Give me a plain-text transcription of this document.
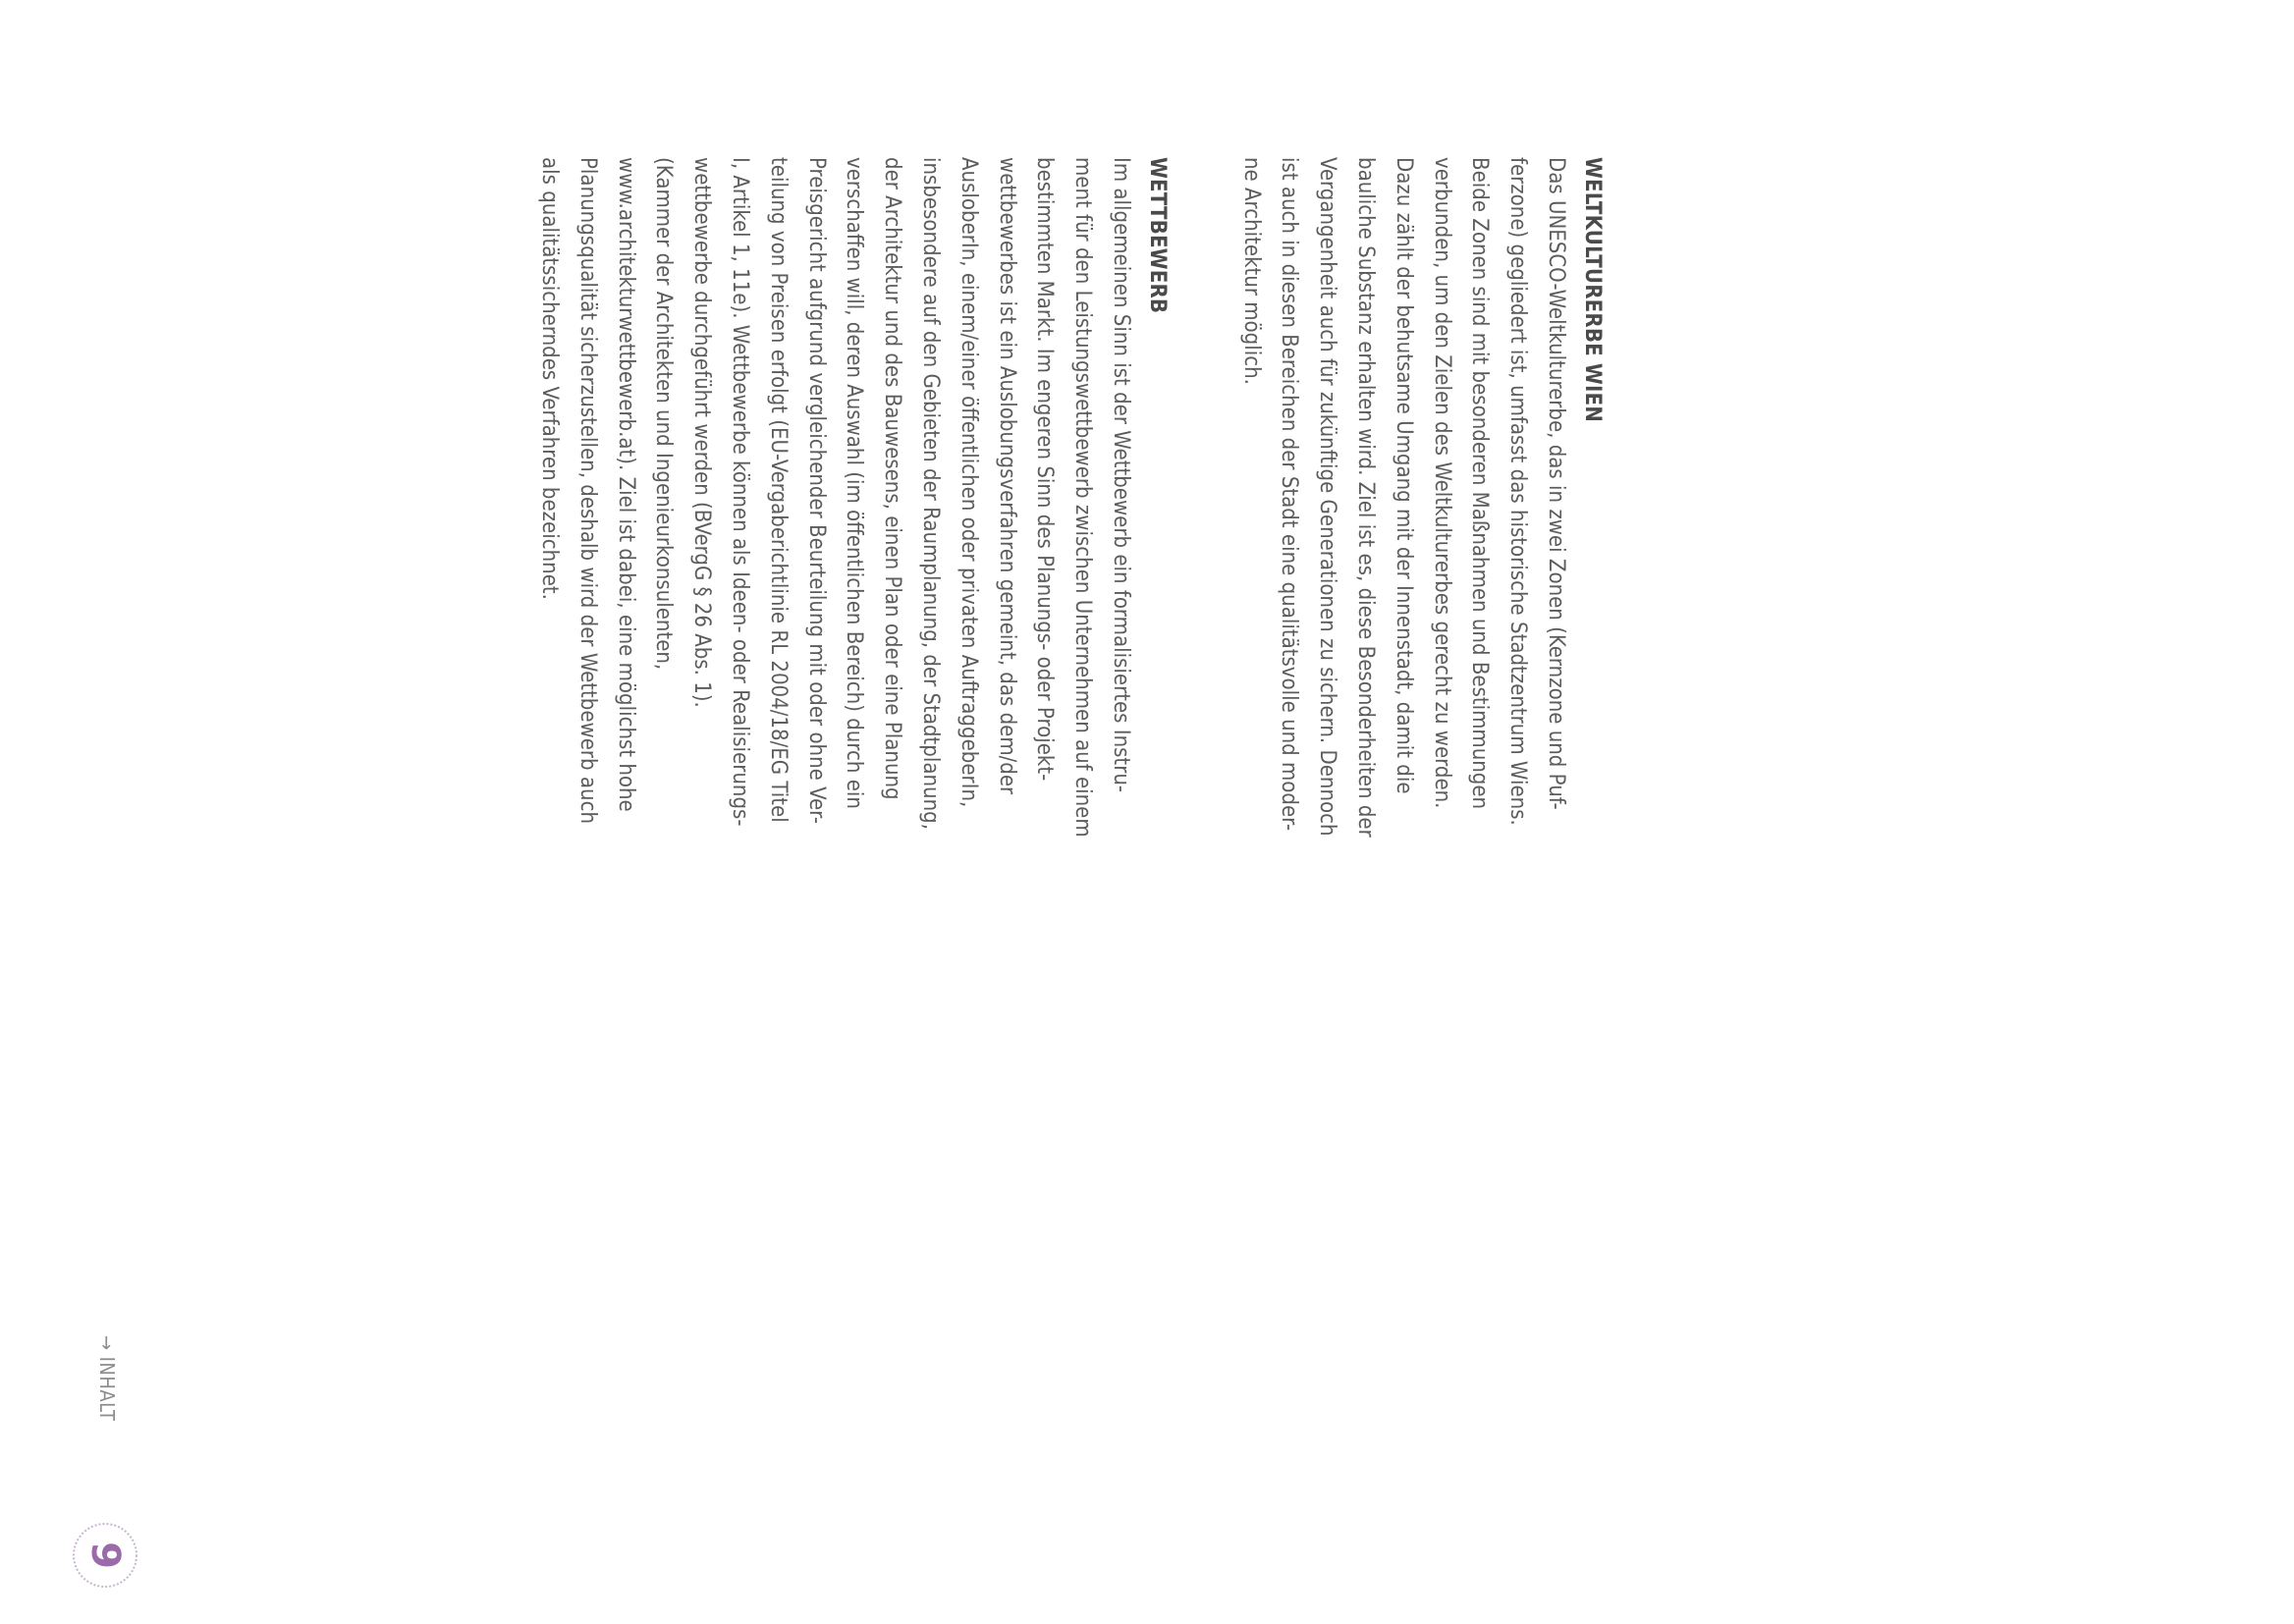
WELTKULTURERBE WIEN

Das UNESCO-Weltkulturerbe, das in zwei Zonen (Kernzone und Puf-
ferzone) gegliedert ist, umfasst das historische Stadtzentrum Wiens.
Beide Zonen sind mit besonderen Maßnahmen und Bestimmungen
verbunden, um den Zielen des Weltkulturerbes gerecht zu werden.
Dazu zählt der behutsame Umgang mit der Innenstadt, damit die
bauliche Substanz erhalten wird. Ziel ist es, diese Besonderheiten der
Vergangenheit auch für zukünftige Generationen zu sichern. Dennoch
ist auch in diesen Bereichen der Stadt eine qualitätsvolle und moder-
ne Architektur möglich.

WETTBEWERB

Im allgemeinen Sinn ist der Wettbewerb ein formalisiertes Instru-
ment für den Leistungswettbewerb zwischen Unternehmen auf einem
bestimmten Markt. Im engeren Sinn des Planungs- oder Projekt-
wettbewerbes ist ein Auslobungsverfahren gemeint, das dem/der
AusloberIn, einem/einer öffentlichen oder privaten AuftraggeberIn,
insbesondere auf den Gebieten der Raumplanung, der Stadtplanung,
der Architektur und des Bauwesens, einen Plan oder eine Planung
verschaffen will, deren Auswahl (im öffentlichen Bereich) durch ein
Preisgericht aufgrund vergleichender Beurteilung mit oder ohne Ver-
teilung von Preisen erfolgt (EU-Vergaberichtlinie RL 2004/18/EG Titel
I, Artikel 1, 11e). Wettbewerbe können als Ideen- oder Realisierungs-
wettbewerbe durchgeführt werden (BVergG § 26 Abs. 1).
(Kammer der Architekten und Ingenieurkonsulenten,
www.architekturwettbewerb.at). Ziel ist dabei, eine möglichst hohe
Planungsqualität sicherzustellen, deshalb wird der Wettbewerb auch
als qualitätssicherndes Verfahren bezeichnet.

→INHALT
9
